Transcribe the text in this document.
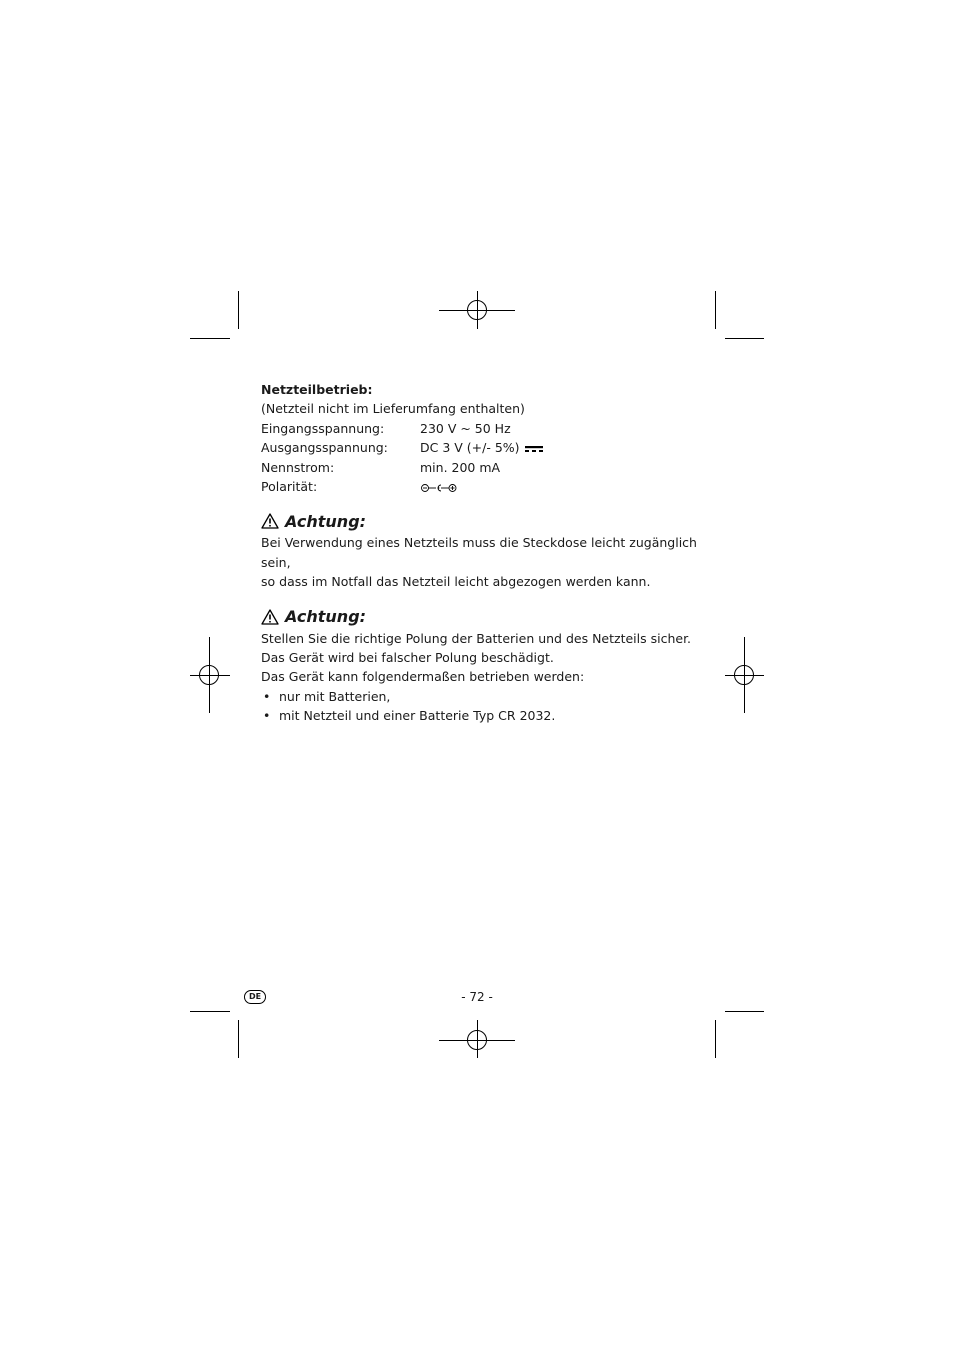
Netzteilbetrieb:

(Netzteil nicht im Lieferumfang enthalten)

Eingangsspannung:	230 V ~ 50 Hz
Ausgangsspannung:	DC 3 V (+/- 5%)
Nennstrom:	min. 200 mA
Polarität:
Achtung:

Bei Verwendung eines Netzteils muss die Steckdose leicht zugänglich sein,

so dass im Notfall das Netzteil leicht abgezogen werden kann.

Achtung:

Stellen Sie die richtige Polung der Batterien und des Netzteils sicher.

Das Gerät wird bei falscher Polung beschädigt.

Das Gerät kann folgendermaßen betrieben werden:

• nur mit Batterien,
• mit Netzteil und einer Batterie Typ CR 2032.
DE	- 72 -
